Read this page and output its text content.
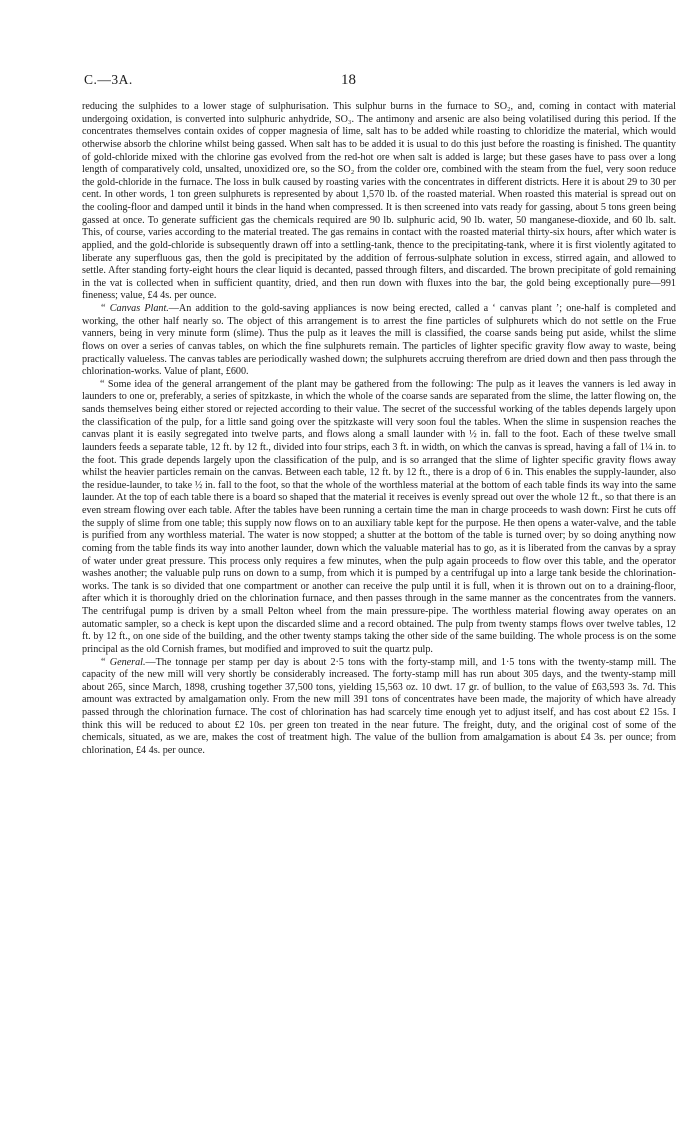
C.—3A.	18

reducing the sulphides to a lower stage of sulphurisation. This sulphur burns in the furnace to SO₂, and, coming in contact with material undergoing oxidation, is converted into sulphuric anhydride, SO₃. The antimony and arsenic are also being volatilised during this period. If the concentrates themselves contain oxides of copper magnesia of lime, salt has to be added while roasting to chloridize the material, which would otherwise absorb the chlorine whilst being gassed. When salt has to be added it is usual to do this just before the roasting is finished. The quantity of gold-chloride mixed with the chlorine gas evolved from the red-hot ore when salt is added is large; but these gases have to pass over a long length of comparatively cold, unsalted, unoxidized ore, so the SO₂ from the colder ore, combined with the steam from the fuel, very soon reduce the gold-chloride in the furnace. The loss in bulk caused by roasting varies with the concentrates in different districts. Here it is about 29 to 30 per cent. In other words, 1 ton green sulphurets is represented by about 1,570 lb. of the roasted material. When roasted this material is spread out on the cooling-floor and damped until it binds in the hand when compressed. It is then screened into vats ready for gassing, about 5 tons green being gassed at once. To generate sufficient gas the chemicals required are 90 lb. sulphuric acid, 90 lb. water, 50 manganese-dioxide, and 60 lb. salt. This, of course, varies according to the material treated. The gas remains in contact with the roasted material thirty-six hours, after which water is applied, and the gold-chloride is subsequently drawn off into a settling-tank, thence to the precipitating-tank, where it is first violently agitated to liberate any superfluous gas, then the gold is precipitated by the addition of ferrous-sulphate solution in excess, stirred again, and allowed to settle. After standing forty-eight hours the clear liquid is decanted, passed through filters, and discarded. The brown precipitate of gold remaining in the vat is collected when in sufficient quantity, dried, and then run down with fluxes into the bar, the gold being exceptionally pure—991 fineness; value, £4 4s. per ounce.

“ Canvas Plant.—An addition to the gold-saving appliances is now being erected, called a ‘ canvas plant ’; one-half is completed and working, the other half nearly so. The object of this arrangement is to arrest the fine particles of sulphurets which do not settle on the Frue vanners, being in very minute form (slime). Thus the pulp as it leaves the mill is classified, the coarse sands being put aside, whilst the slime flows on over a series of canvas tables, on which the fine sulphurets remain. The particles of lighter specific gravity flow away to waste, being practically valueless. The canvas tables are periodically washed down; the sulphurets accruing therefrom are dried down and then pass through the chlorination-works. Value of plant, £600.

“ Some idea of the general arrangement of the plant may be gathered from the following: The pulp as it leaves the vanners is led away in launders to one or, preferably, a series of spitzkaste, in which the whole of the coarse sands are separated from the slime, the latter flowing on, the sands themselves being either stored or rejected according to their value. The secret of the successful working of the tables depends largely upon the classification of the pulp, for a little sand going over the spitzkaste will very soon foul the tables. When the slime in suspension reaches the canvas plant it is easily segregated into twelve parts, and flows along a small launder with ½ in. fall to the foot. Each of these twelve small launders feeds a separate table, 12 ft. by 12 ft., divided into four strips, each 3 ft. in width, on which the canvas is spread, having a fall of 1¼ in. to the foot. This grade depends largely upon the classification of the pulp, and is so arranged that the slime of lighter specific gravity flows away whilst the heavier particles remain on the canvas. Between each table, 12 ft. by 12 ft., there is a drop of 6 in. This enables the supply-launder, also the residue-launder, to take ½ in. fall to the foot, so that the whole of the worthless material at the bottom of each table finds its way into the same launder. At the top of each table there is a board so shaped that the material it receives is evenly spread out over the whole 12 ft., so that there is an even stream flowing over each table. After the tables have been running a certain time the man in charge proceeds to wash down: First he cuts off the supply of slime from one table; this supply now flows on to an auxiliary table kept for the purpose. He then opens a water-valve, and the table is purified from any worthless material. The water is now stopped; a shutter at the bottom of the table is turned over; by so doing anything now coming from the table finds its way into another launder, down which the valuable material has to go, as it is liberated from the canvas by a spray of water under great pressure. This process only requires a few minutes, when the pulp again proceeds to flow over this table, and the operator washes another; the valuable pulp runs on down to a sump, from which it is pumped by a centrifugal up into a large tank beside the chlorination-works. The tank is so divided that one compartment or another can receive the pulp until it is full, when it is thrown out on to a draining-floor, after which it is thoroughly dried on the chlorination furnace, and then passes through in the same manner as the concentrates from the vanners. The centrifugal pump is driven by a small Pelton wheel from the main pressure-pipe. The worthless material flowing away operates on an automatic sampler, so a check is kept upon the discarded slime and a record obtained. The pulp from twenty stamps flows over twelve tables, 12 ft. by 12 ft., on one side of the building, and the other twenty stamps taking the other side of the same building. The whole process is on the some principal as the old Cornish frames, but modified and improved to suit the quartz pulp.

“ General.—The tonnage per stamp per day is about 2·5 tons with the forty-stamp mill, and 1·5 tons with the twenty-stamp mill. The capacity of the new mill will very shortly be considerably increased. The forty-stamp mill has run about 305 days, and the twenty-stamp mill about 265, since March, 1898, crushing together 37,500 tons, yielding 15,563 oz. 10 dwt. 17 gr. of bullion, to the value of £63,593 3s. 7d. This amount was extracted by amalgamation only. From the new mill 391 tons of concentrates have been made, the majority of which have already passed through the chlorination furnace. The cost of chlorination has had scarcely time enough yet to adjust itself, and has cost about £2 15s. I think this will be reduced to about £2 10s. per green ton treated in the near future. The freight, duty, and the original cost of some of the chemicals, situated, as we are, makes the cost of treatment high. The value of the bullion from amalgamation is about £4 3s. per ounce; from chlorination, £4 4s. per ounce.
